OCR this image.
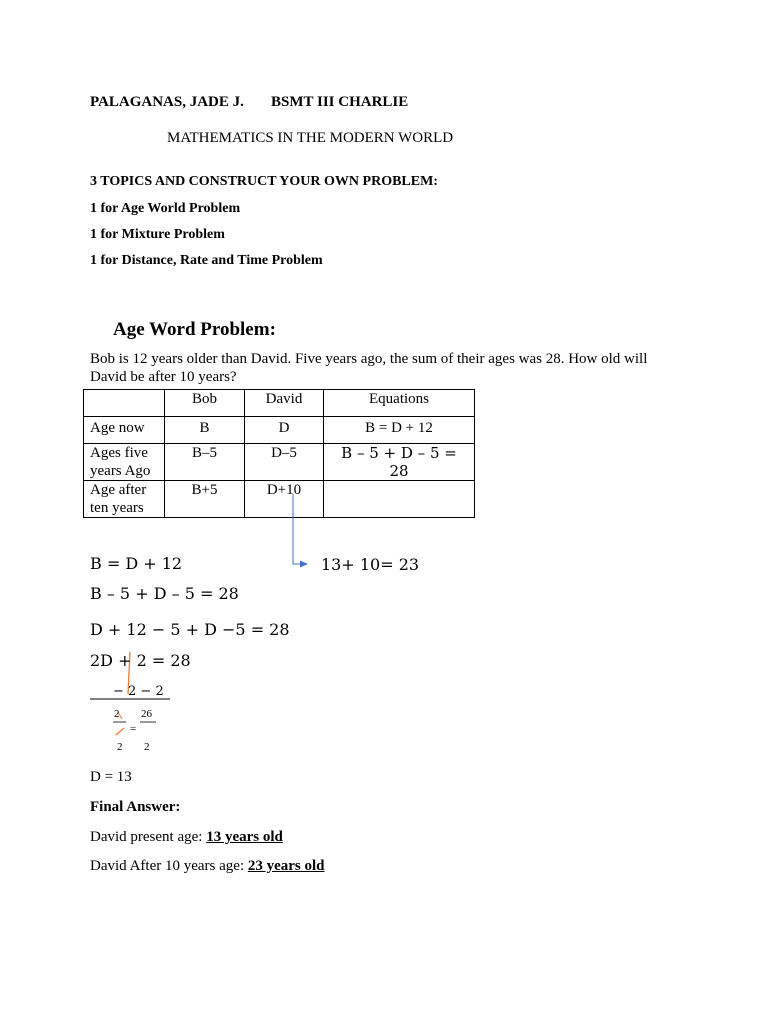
PALAGANAS, JADE J. BSMT III CHARLIE
MATHEMATICS IN THE MODERN WORLD
3 TOPICS AND CONSTRUCT YOUR OWN PROBLEM:
1 for Age World Problem
1 for Mixture Problem
1 for Distance, Rate and Time Problem
Age Word Problem:
Bob is 12 years older than David. Five years ago, the sum of their ages was 28. How old will
David be after 10 years?
	Bob	David	Equations
Age now	B	D	B = D + 12

Ages five
years Ago	B–5	D–5	B – 5 + D – 5 = 28

Age after
ten years	B+5	D+10	
13+ 10= 23
B = D + 12
B – 5 + D – 5 = 28
D + 12 − 5 + D −5 = 28
2D + 2 = 28
− 2 − 2
2 26
=
2 2
D = 13
Final Answer:
David present age: 13 years old
David After 10 years age: 23 years old
